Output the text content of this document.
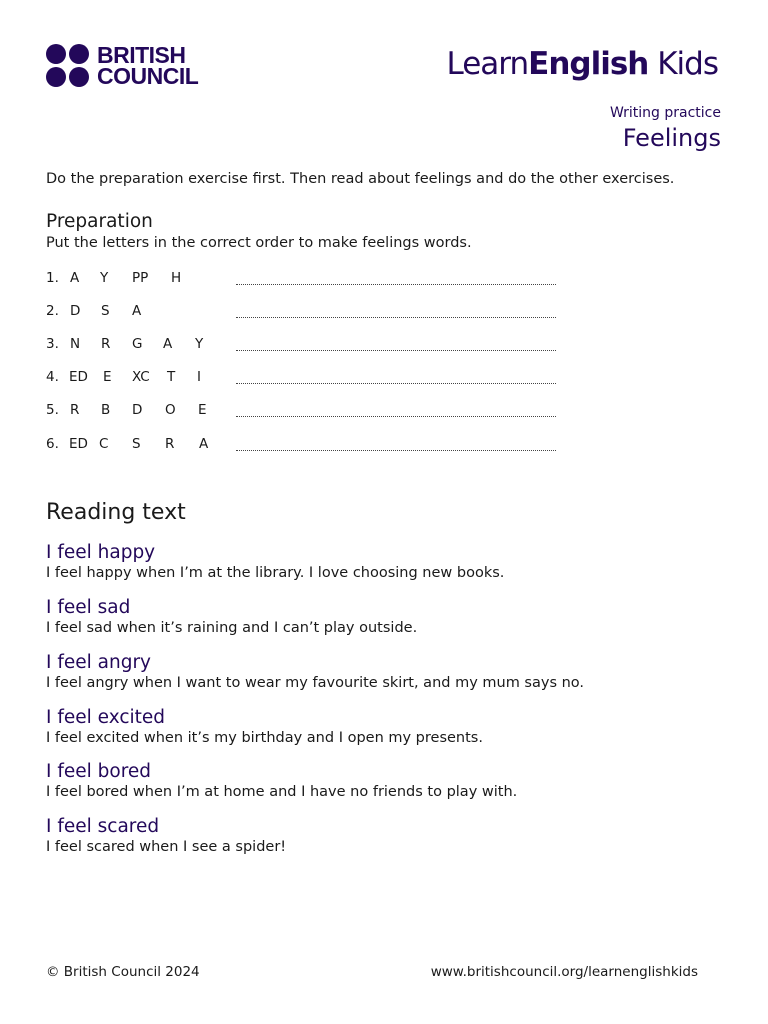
BRITISH
COUNCIL	LearnEnglish Kids
Writing practice
Feelings
Do the preparation exercise first. Then read about feelings and do the other exercises.
Preparation
Put the letters in the correct order to make feelings words.
1. A Y PP H
2. D S A
3. N R G A Y
4. ED E XC T I
5. R B D O E
6. ED C S R A
Reading text
I feel happy

I feel happy when I’m at the library. I love choosing new books.

I feel sad

I feel sad when it’s raining and I can’t play outside.

I feel angry

I feel angry when I want to wear my favourite skirt, and my mum says no.

I feel excited

I feel excited when it’s my birthday and I open my presents.

I feel bored

I feel bored when I’m at home and I have no friends to play with.

I feel scared

I feel scared when I see a spider!

© British Council 2024	www.britishcouncil.org/learnenglishkids
